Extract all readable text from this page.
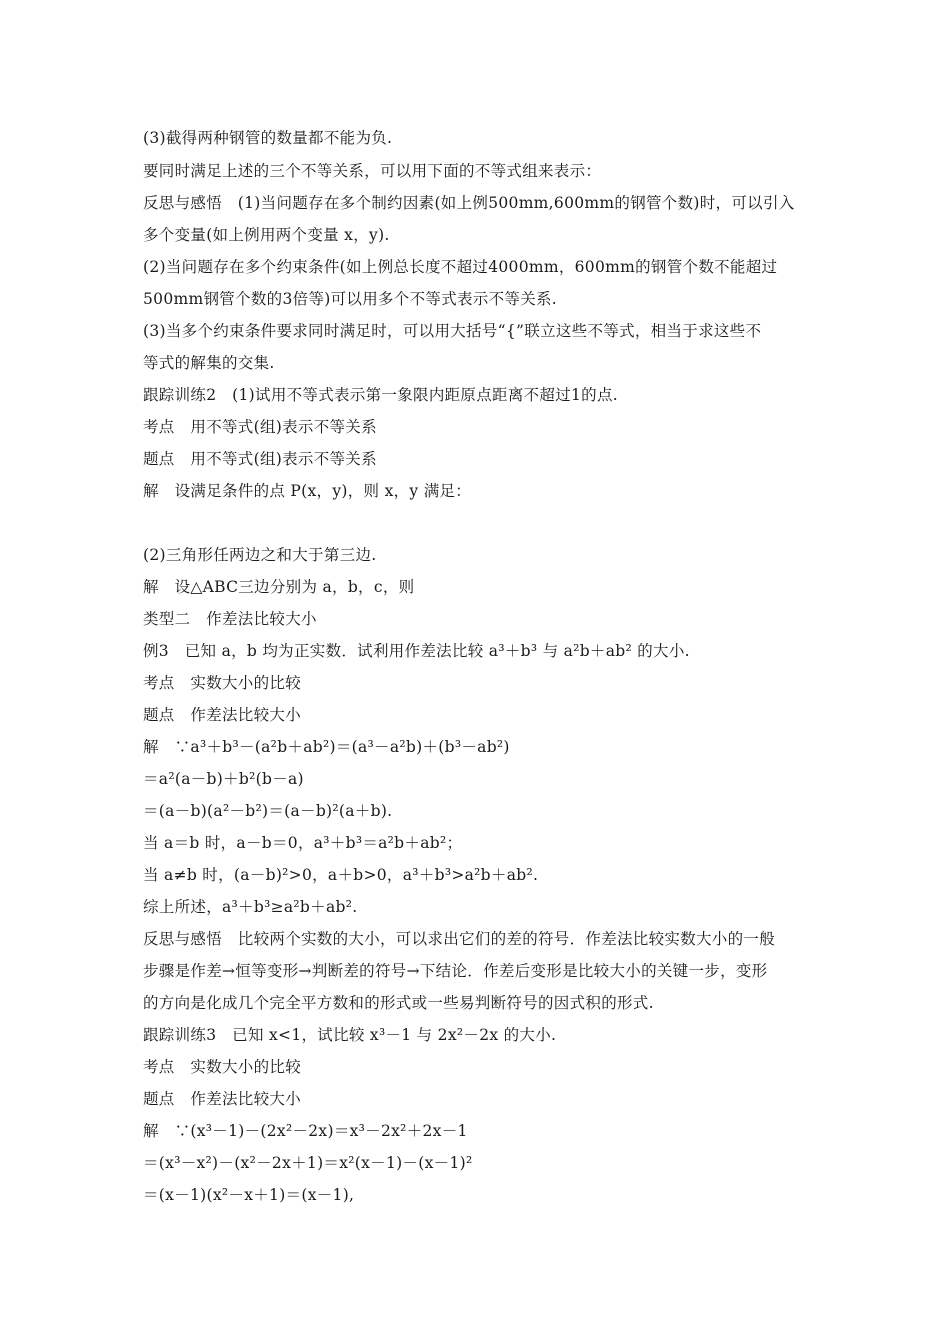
(3)截得两种钢管的数量都不能为负.
要同时满足上述的三个不等关系，可以用下面的不等式组来表示：
反思与感悟　(1)当问题存在多个制约因素(如上例500mm,600mm的钢管个数)时，可以引入
多个变量(如上例用两个变量 x，y).
(2)当问题存在多个约束条件(如上例总长度不超过4000mm，600mm的钢管个数不能超过
500mm钢管个数的3倍等)可以用多个不等式表示不等关系.
(3)当多个约束条件要求同时满足时，可以用大括号“{”联立这些不等式，相当于求这些不
等式的解集的交集.
跟踪训练2　(1)试用不等式表示第一象限内距原点距离不超过1的点.
考点　用不等式(组)表示不等关系
题点　用不等式(组)表示不等关系
解　设满足条件的点 P(x，y)，则 x，y 满足：
(2)三角形任两边之和大于第三边.
解　设△ABC三边分别为 a，b，c，则
类型二　作差法比较大小
例3　已知 a，b 均为正实数．试利用作差法比较 a³＋b³ 与 a²b＋ab² 的大小.
考点　实数大小的比较
题点　作差法比较大小
解　∵a³＋b³－(a²b＋ab²)＝(a³－a²b)＋(b³－ab²)
＝a²(a－b)＋b²(b－a)
＝(a－b)(a²－b²)＝(a－b)²(a＋b).
当 a＝b 时，a－b＝0，a³＋b³＝a²b＋ab²；
当 a≠b 时，(a－b)²>0，a＋b>0，a³＋b³>a²b＋ab².
综上所述，a³＋b³≥a²b＋ab².
反思与感悟　比较两个实数的大小，可以求出它们的差的符号．作差法比较实数大小的一般
步骤是作差→恒等变形→判断差的符号→下结论．作差后变形是比较大小的关键一步，变形
的方向是化成几个完全平方数和的形式或一些易判断符号的因式积的形式.
跟踪训练3　已知 x<1，试比较 x³－1 与 2x²－2x 的大小.
考点　实数大小的比较
题点　作差法比较大小
解　∵(x³－1)－(2x²－2x)＝x³－2x²＋2x－1
＝(x³－x²)－(x²－2x＋1)＝x²(x－1)－(x－1)²
＝(x－1)(x²－x＋1)＝(x－1),
